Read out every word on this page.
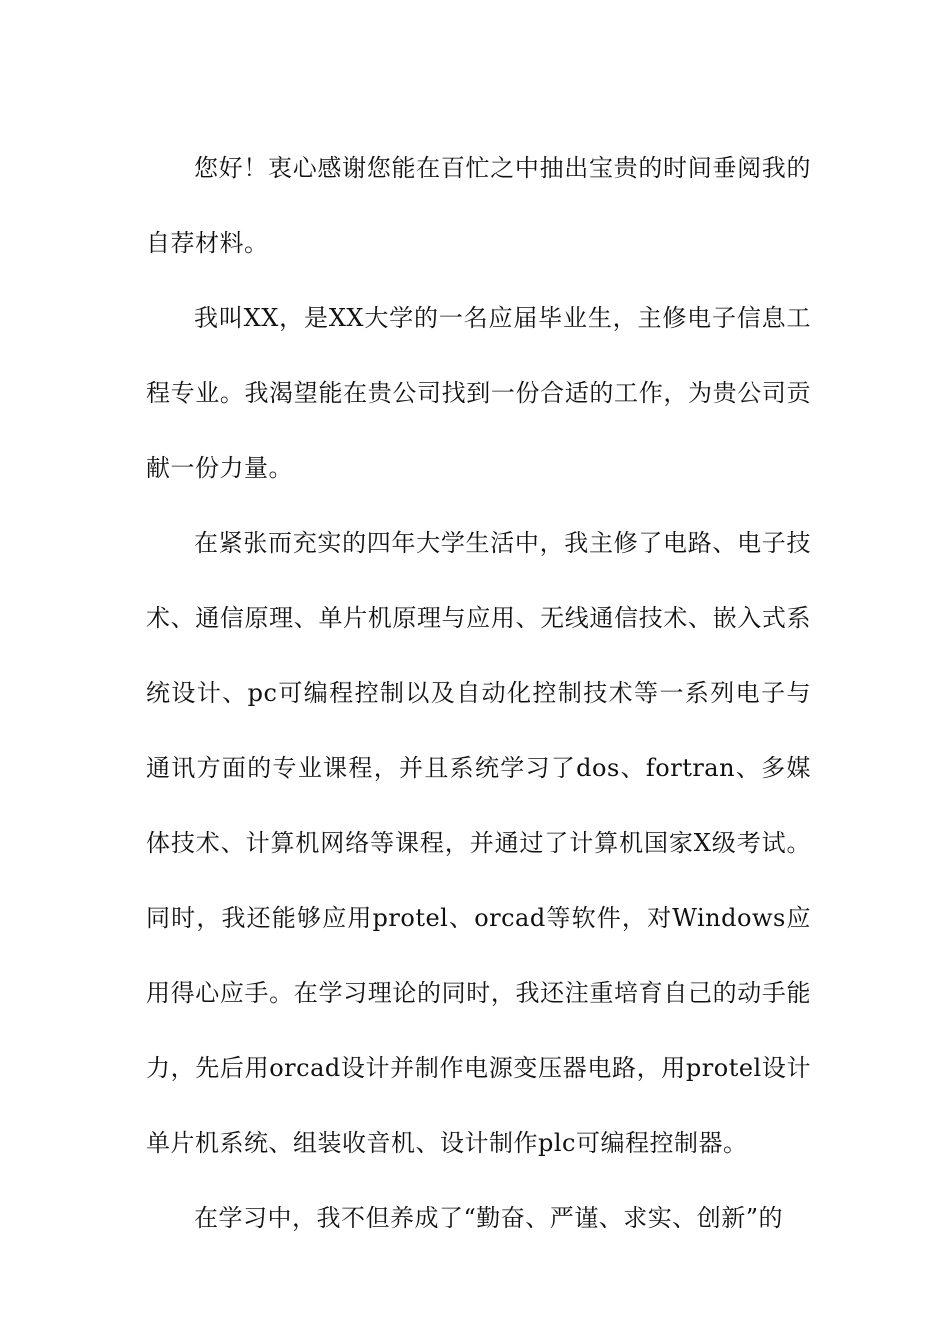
您好！衷心感谢您能在百忙之中抽出宝贵的时间垂阅我的自荐材料。

我叫XX，是XX大学的一名应届毕业生，主修电子信息工程专业。我渴望能在贵公司找到一份合适的工作，为贵公司贡献一份力量。

在紧张而充实的四年大学生活中，我主修了电路、电子技术、通信原理、单片机原理与应用、无线通信技术、嵌入式系统设计、pc可编程控制以及自动化控制技术等一系列电子与通讯方面的专业课程，并且系统学习了dos、fortran、多媒体技术、计算机网络等课程，并通过了计算机国家X级考试。同时，我还能够应用protel、orcad等软件，对Windows应用得心应手。在学习理论的同时，我还注重培育自己的动手能力，先后用orcad设计并制作电源变压器电路，用protel设计单片机系统、组装收音机、设计制作plc可编程控制器。

在学习中，我不但养成了“勤奋、严谨、求实、创新”的
